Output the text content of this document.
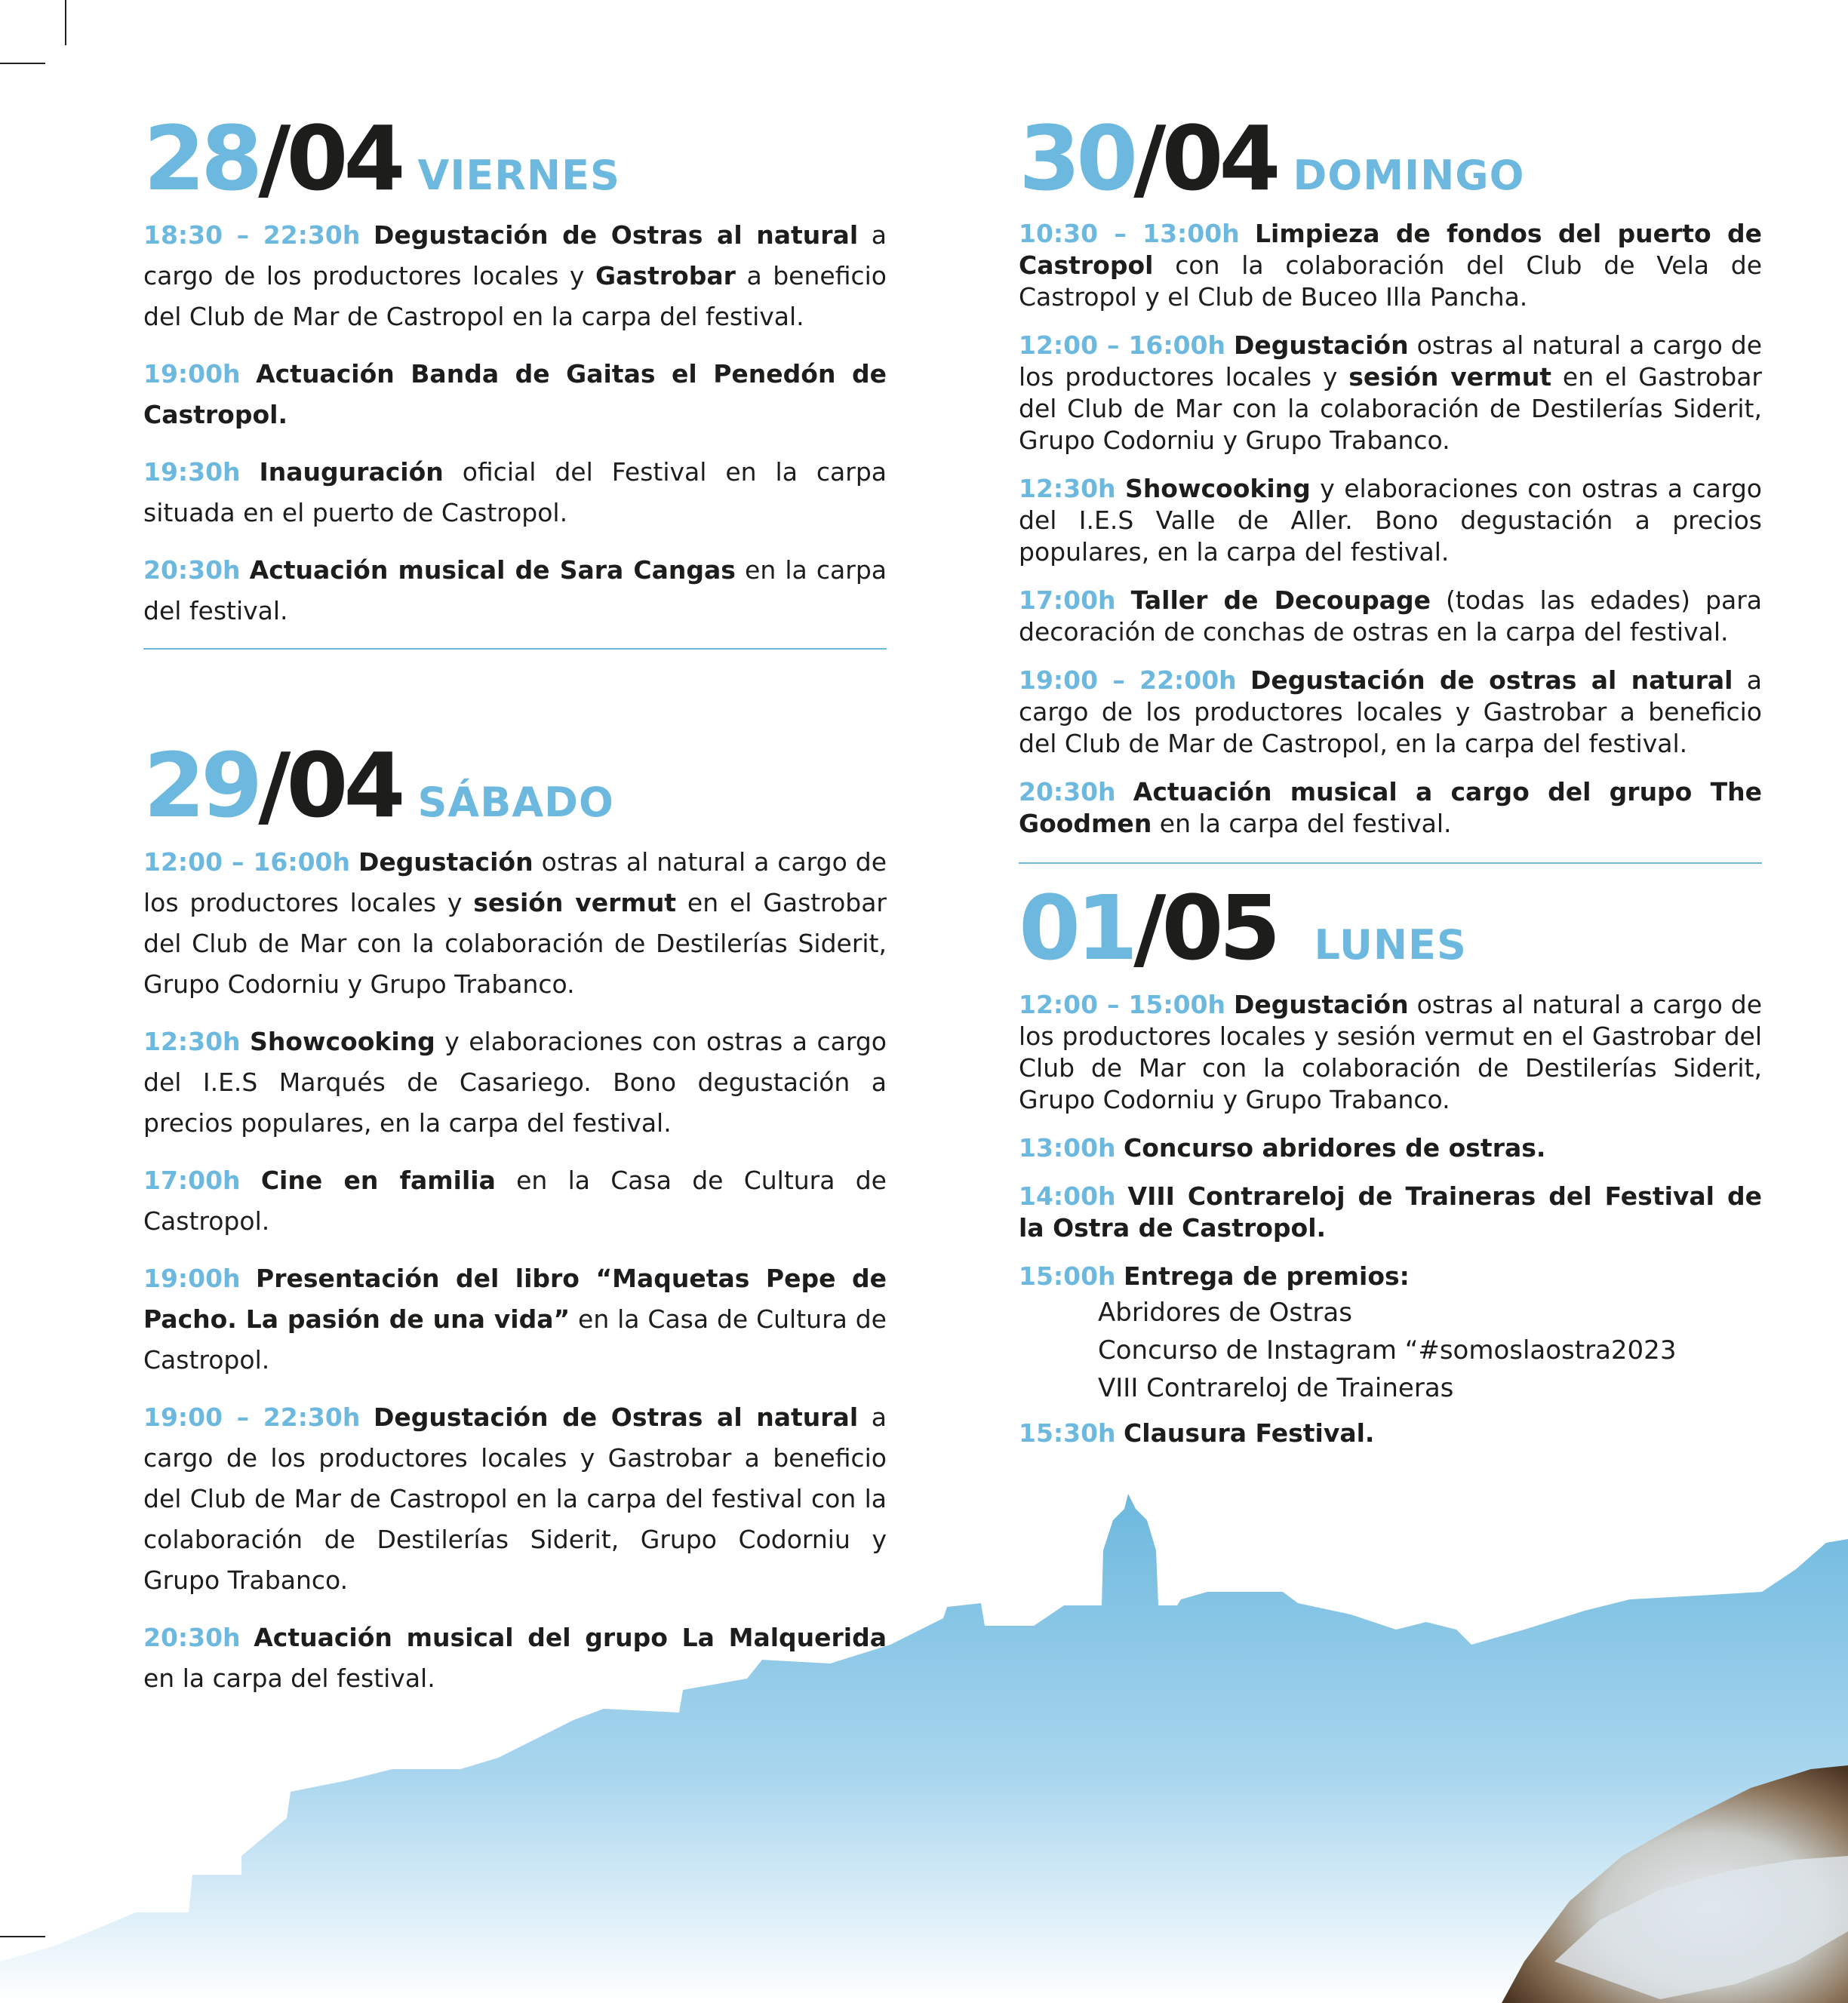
28/04 VIERNES
18:30 – 22:30h Degustación de Ostras al natural a cargo de los productores locales y Gastrobar a beneficio del Club de Mar de Castropol en la carpa del festival.
19:00h Actuación Banda de Gaitas el Penedón de Castropol.
19:30h Inauguración oficial del Festival en la carpa situada en el puerto de Castropol.
20:30h Actuación musical de Sara Cangas en la carpa del festival.
29/04 SÁBADO
12:00 – 16:00h Degustación ostras al natural a cargo de los productores locales y sesión vermut en el Gastrobar del Club de Mar con la colaboración de Destilerías Siderit, Grupo Codorniu y Grupo Trabanco.
12:30h Showcooking y elaboraciones con ostras a cargo del I.E.S Marqués de Casariego. Bono degustación a precios populares, en la carpa del festival.
17:00h Cine en familia en la Casa de Cultura de Castropol.
19:00h Presentación del libro “Maquetas Pepe de Pacho. La pasión de una vida” en la Casa de Cultura de Castropol.
19:00 – 22:30h Degustación de Ostras al natural a cargo de los productores locales y Gastrobar a beneficio del Club de Mar de Castropol en la carpa del festival con la colaboración de Destilerías Siderit, Grupo Codorniu y Grupo Trabanco.
20:30h Actuación musical del grupo La Malquerida en la carpa del festival.
30/04 DOMINGO
10:30 – 13:00h Limpieza de fondos del puerto de Castropol con la colaboración del Club de Vela de Castropol y el Club de Buceo Illa Pancha.
12:00 – 16:00h Degustación ostras al natural a cargo de los productores locales y sesión vermut en el Gastrobar del Club de Mar con la colaboración de Destilerías Siderit, Grupo Codorniu y Grupo Trabanco.
12:30h Showcooking y elaboraciones con ostras a cargo del I.E.S Valle de Aller. Bono degustación a precios populares, en la carpa del festival.
17:00h Taller de Decoupage (todas las edades) para decoración de conchas de ostras en la carpa del festival.
19:00 – 22:00h Degustación de ostras al natural a cargo de los productores locales y Gastrobar a beneficio del Club de Mar de Castropol, en la carpa del festival.
20:30h Actuación musical a cargo del grupo The Goodmen en la carpa del festival.
01/05 LUNES
12:00 – 15:00h Degustación ostras al natural a cargo de los productores locales y sesión vermut en el Gastrobar del Club de Mar con la colaboración de Destilerías Siderit, Grupo Codorniu y Grupo Trabanco.
13:00h Concurso abridores de ostras.
14:00h VIII Contrareloj de Traineras del Festival de la Ostra de Castropol.
15:00h Entrega de premios:
Abridores de Ostras
Concurso de Instagram “#somoslaostra2023
VIII Contrareloj de Traineras
15:30h Clausura Festival.
